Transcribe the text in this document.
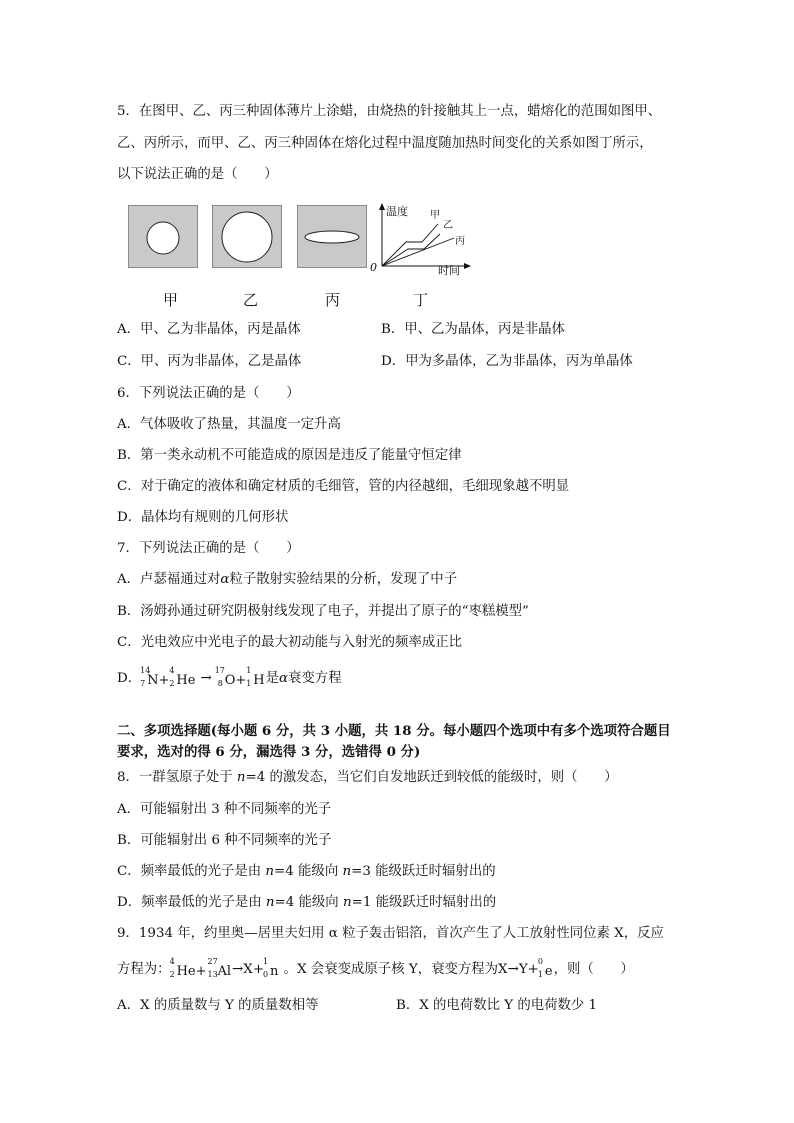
5．在图甲、乙、丙三种固体薄片上涂蜡，由烧热的针接触其上一点，蜡熔化的范围如图甲、
乙、丙所示，而甲、乙、丙三种固体在熔化过程中温度随加热时间变化的关系如图丁所示，
以下说法正确的是（　　）
温度
0	时间
甲
乙
丙
甲	乙	丙	丁
A．甲、乙为非晶体，丙是晶体	B．甲、乙为晶体，丙是非晶体
C．甲、丙为非晶体，乙是晶体	D．甲为多晶体，乙为非晶体，丙为单晶体
6．下列说法正确的是（　　）
A．气体吸收了热量，其温度一定升高
B．第一类永动机不可能造成的原因是违反了能量守恒定律
C．对于确定的液体和确定材质的毛细管，管的内径越细，毛细现象越不明显
D．晶体均有规则的几何形状
7．下列说法正确的是（　　）
A．卢瑟福通过对α粒子散射实验结果的分析，发现了中子
B．汤姆孙通过研究阴极射线发现了电子，并提出了原子的“枣糕模型”
C．光电效应中光电子的最大初动能与入射光的频率成正比
D．
14
7 N+
4
2 He →
17
8 O+
1
1 H是α衰变方程
二、多项选择题(每小题 6 分，共 3 小题，共 18 分。每小题四个选项中有多个选项符合题目
要求，选对的得 6 分，漏选得 3 分，选错得 0 分)
8．一群氢原子处于 n=4 的激发态，当它们自发地跃迁到较低的能级时，则（　　）
A．可能辐射出 3 种不同频率的光子
B．可能辐射出 6 种不同频率的光子
C．频率最低的光子是由 n=4 能级向 n=3 能级跃迁时辐射出的
D．频率最低的光子是由 n=4 能级向 n=1 能级跃迁时辐射出的
9．1934 年，约里奥—居里夫妇用 α 粒子轰击铝箔，首次产生了人工放射性同位素 X，反应
方程为：
4
2 He+
27
13 Al→X+
1
0 n 。X 会衰变成原子核 Y，衰变方程为X→Y+
0
1 e，则（　　）
A．X 的质量数与 Y 的质量数相等	B．X 的电荷数比 Y 的电荷数少 1
